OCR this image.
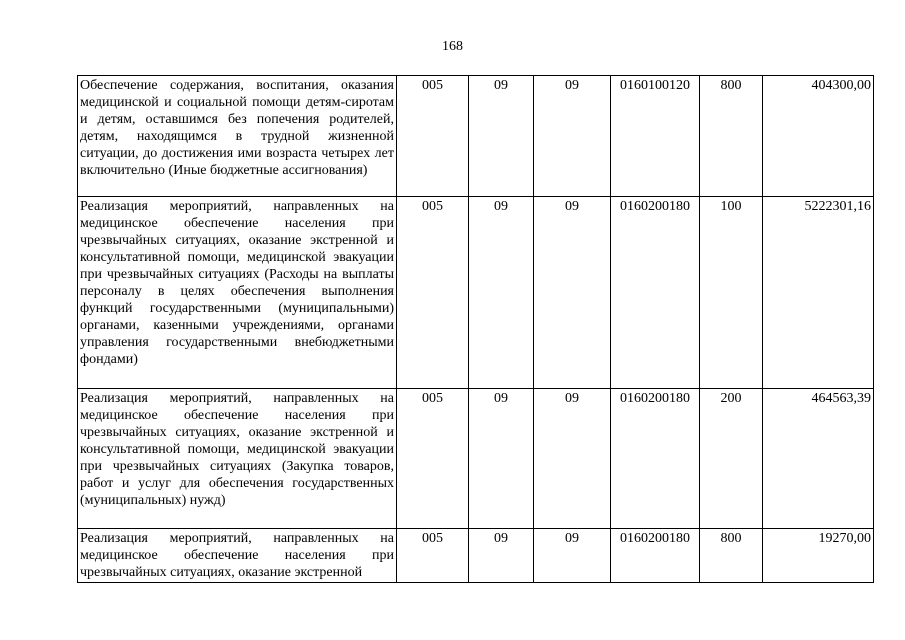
168
Обеспечение содержания, воспитания, оказания медицинской и социальной помощи детям-сиротам и детям, оставшимся без попечения родителей, детям, находящимся в трудной жизненной ситуации, до достижения ими возраста четырех лет включительно (Иные бюджетные ассигнования)	005	09	09	0160100120	800	404300,00
Реализация мероприятий, направленных на медицинское обеспечение населения при чрезвычайных ситуациях, оказание экстренной и консультативной помощи, медицинской эвакуации при чрезвычайных ситуациях (Расходы на выплаты персоналу в целях обеспечения выполнения функций государственными (муниципальными) органами, казенными учреждениями, органами управления государственными внебюджетными фондами)	005	09	09	0160200180	100	5222301,16
Реализация мероприятий, направленных на медицинское обеспечение населения при чрезвычайных ситуациях, оказание экстренной и консультативной помощи, медицинской эвакуации при чрезвычайных ситуациях (Закупка товаров, работ и услуг для обеспечения государственных (муниципальных) нужд)	005	09	09	0160200180	200	464563,39
Реализация мероприятий, направленных на медицинское обеспечение населения при чрезвычайных ситуациях, оказание экстренной	005	09	09	0160200180	800	19270,00
